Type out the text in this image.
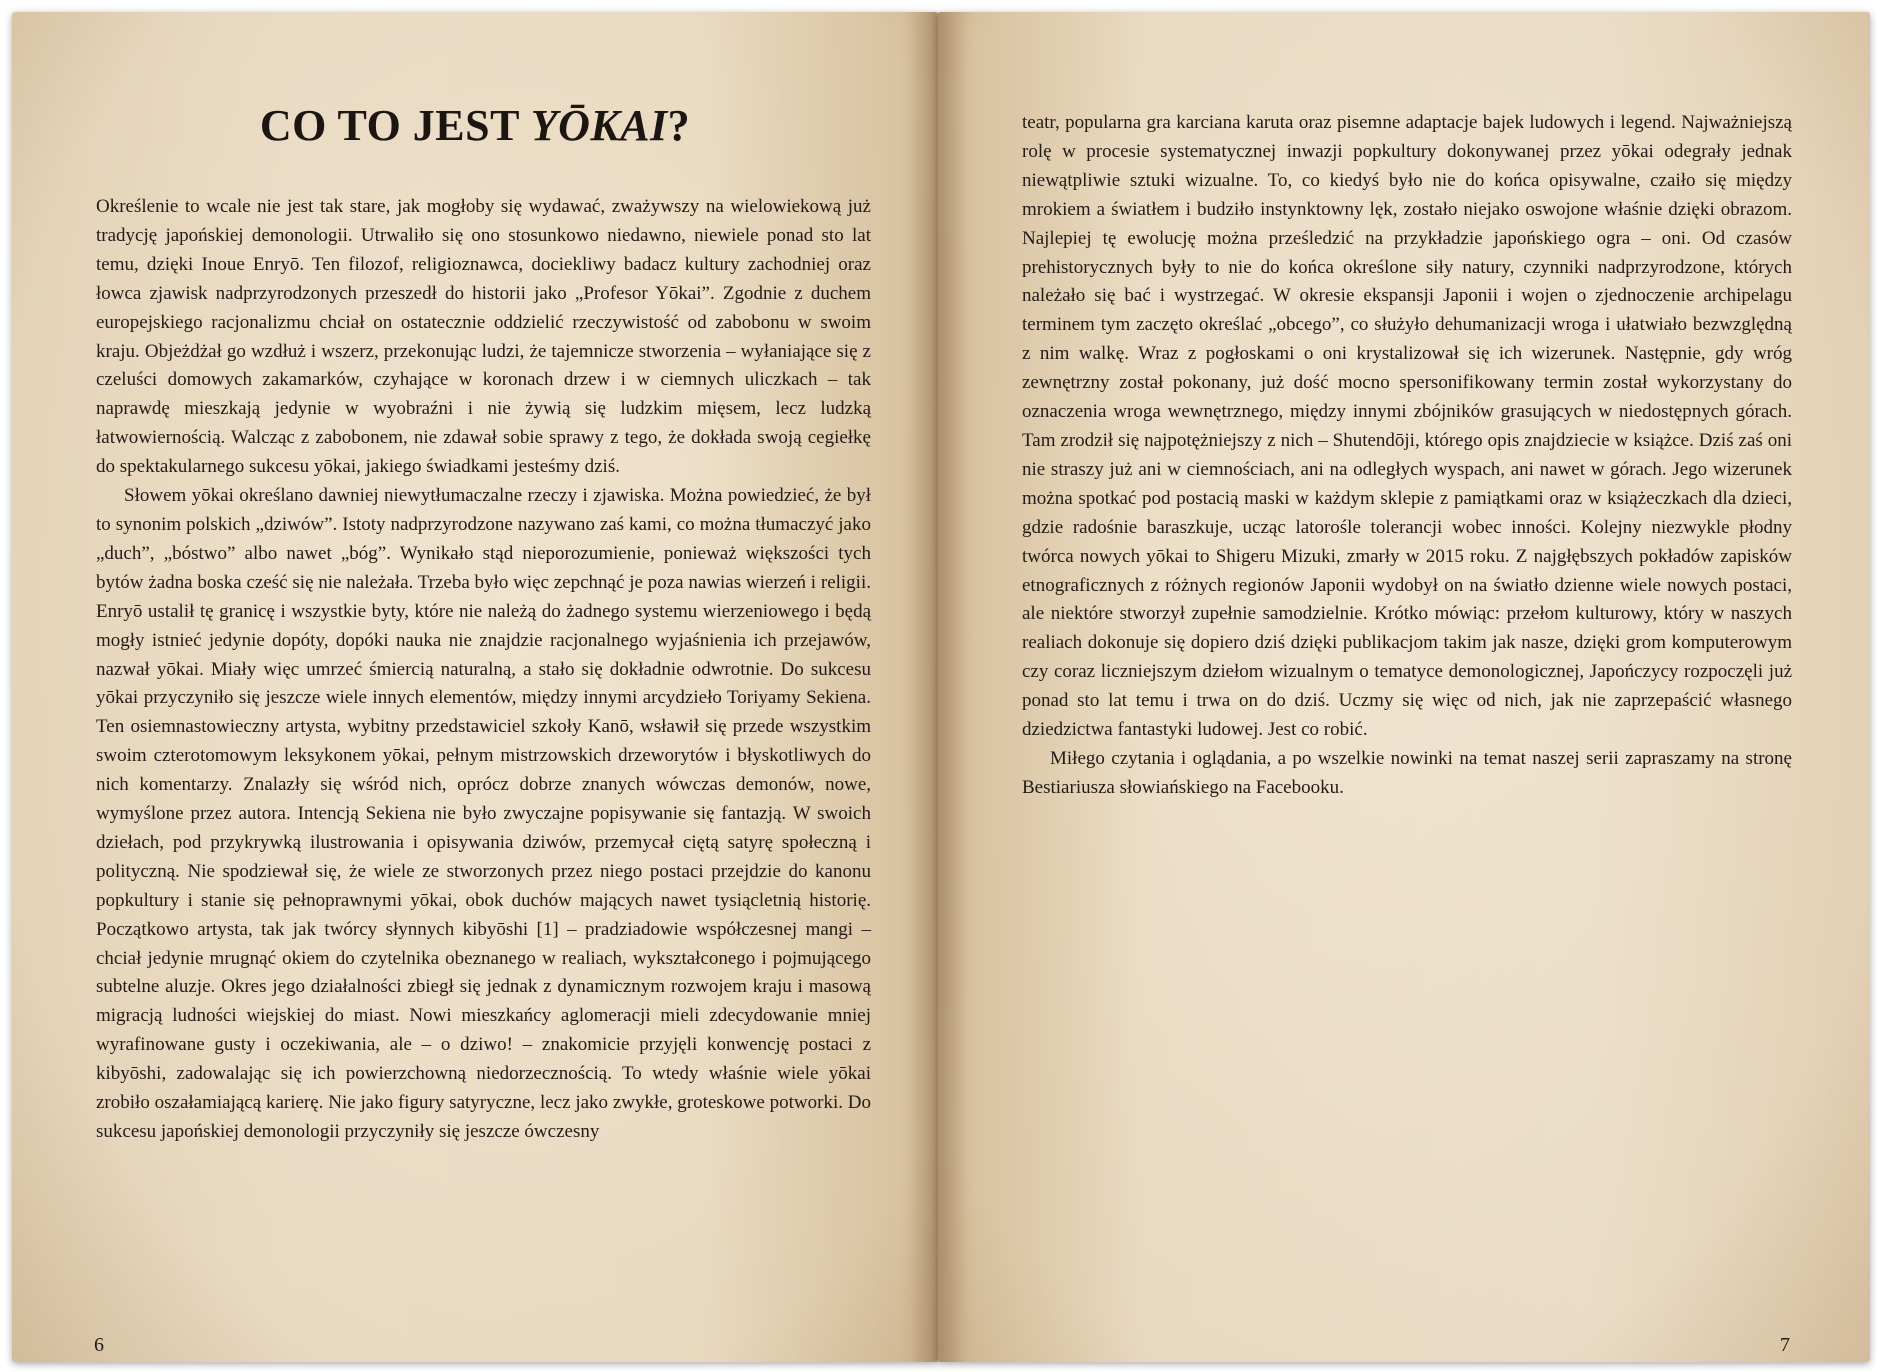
CO TO JEST YŌKAI?

Określenie to wcale nie jest tak stare, jak mogłoby się wydawać, zważywszy na wielowiekową już tradycję japońskiej demonologii. Utrwaliło się ono stosunkowo niedawno, niewiele ponad sto lat temu, dzięki Inoue Enryō. Ten filozof, religioznawca, dociekliwy badacz kultury zachodniej oraz łowca zjawisk nadprzyrodzonych przeszedł do historii jako „Profesor Yōkai”. Zgodnie z duchem europejskiego racjonalizmu chciał on ostatecznie oddzielić rzeczywistość od zabobonu w swoim kraju. Objeżdżał go wzdłuż i wszerz, przekonując ludzi, że tajemnicze stworzenia – wyłaniające się z czeluści domowych zakamarków, czyhające w koronach drzew i w ciemnych uliczkach – tak naprawdę mieszkają jedynie w wyobraźni i nie żywią się ludzkim mięsem, lecz ludzką łatwowiernością. Walcząc z zabobonem, nie zdawał sobie sprawy z tego, że dokłada swoją cegiełkę do spektakularnego sukcesu yōkai, jakiego świadkami jesteśmy dziś.

Słowem yōkai określano dawniej niewytłumaczalne rzeczy i zjawiska. Można powiedzieć, że był to synonim polskich „dziwów”. Istoty nadprzyrodzone nazywano zaś kami, co można tłumaczyć jako „duch”, „bóstwo” albo nawet „bóg”. Wynikało stąd nieporozumienie, ponieważ większości tych bytów żadna boska cześć się nie należała. Trzeba było więc zepchnąć je poza nawias wierzeń i religii. Enryō ustalił tę granicę i wszystkie byty, które nie należą do żadnego systemu wierzeniowego i będą mogły istnieć jedynie dopóty, dopóki nauka nie znajdzie racjonalnego wyjaśnienia ich przejawów, nazwał yōkai. Miały więc umrzeć śmiercią naturalną, a stało się dokładnie odwrotnie. Do sukcesu yōkai przyczyniło się jeszcze wiele innych elementów, między innymi arcydzieło Toriyamy Sekiena. Ten osiemnastowieczny artysta, wybitny przedstawiciel szkoły Kanō, wsławił się przede wszystkim swoim czterotomowym leksykonem yōkai, pełnym mistrzowskich drzeworytów i błyskotliwych do nich komentarzy. Znalazły się wśród nich, oprócz dobrze znanych wówczas demonów, nowe, wymyślone przez autora. Intencją Sekiena nie było zwyczajne popisywanie się fantazją. W swoich dziełach, pod przykrywką ilustrowania i opisywania dziwów, przemycał ciętą satyrę społeczną i polityczną. Nie spodziewał się, że wiele ze stworzonych przez niego postaci przejdzie do kanonu popkultury i stanie się pełnoprawnymi yōkai, obok duchów mających nawet tysiącletnią historię. Początkowo artysta, tak jak twórcy słynnych kibyōshi [1] – pradziadowie współczesnej mangi – chciał jedynie mrugnąć okiem do czytelnika obeznanego w realiach, wykształconego i pojmującego subtelne aluzje. Okres jego działalności zbiegł się jednak z dynamicznym rozwojem kraju i masową migracją ludności wiejskiej do miast. Nowi mieszkańcy aglomeracji mieli zdecydowanie mniej wyrafinowane gusty i oczekiwania, ale – o dziwo! – znakomicie przyjęli konwencję postaci z kibyōshi, zadowalając się ich powierzchowną niedorzecznością. To wtedy właśnie wiele yōkai zrobiło oszałamiającą karierę. Nie jako figury satyryczne, lecz jako zwykłe, groteskowe potworki. Do sukcesu japońskiej demonologii przyczyniły się jeszcze ówczesny

6

teatr, popularna gra karciana karuta oraz pisemne adaptacje bajek ludowych i legend. Najważniejszą rolę w procesie systematycznej inwazji popkultury dokonywanej przez yōkai odegrały jednak niewątpliwie sztuki wizualne. To, co kiedyś było nie do końca opisywalne, czaiło się między mrokiem a światłem i budziło instynktowny lęk, zostało niejako oswojone właśnie dzięki obrazom. Najlepiej tę ewolucję można prześledzić na przykładzie japońskiego ogra – oni. Od czasów prehistorycznych były to nie do końca określone siły natury, czynniki nadprzyrodzone, których należało się bać i wystrzegać. W okresie ekspansji Japonii i wojen o zjednoczenie archipelagu terminem tym zaczęto określać „obcego”, co służyło dehumanizacji wroga i ułatwiało bezwzględną z nim walkę. Wraz z pogłoskami o oni krystalizował się ich wizerunek. Następnie, gdy wróg zewnętrzny został pokonany, już dość mocno spersonifikowany termin został wykorzystany do oznaczenia wroga wewnętrznego, między innymi zbójników grasujących w niedostępnych górach. Tam zrodził się najpotężniejszy z nich – Shutendōji, którego opis znajdziecie w książce. Dziś zaś oni nie straszy już ani w ciemnościach, ani na odległych wyspach, ani nawet w górach. Jego wizerunek można spotkać pod postacią maski w każdym sklepie z pamiątkami oraz w książeczkach dla dzieci, gdzie radośnie baraszkuje, ucząc latorośle tolerancji wobec inności. Kolejny niezwykle płodny twórca nowych yōkai to Shigeru Mizuki, zmarły w 2015 roku. Z najgłębszych pokładów zapisków etnograficznych z różnych regionów Japonii wydobył on na światło dzienne wiele nowych postaci, ale niektóre stworzył zupełnie samodzielnie. Krótko mówiąc: przełom kulturowy, który w naszych realiach dokonuje się dopiero dziś dzięki publikacjom takim jak nasze, dzięki grom komputerowym czy coraz liczniejszym dziełom wizualnym o tematyce demonologicznej, Japończycy rozpoczęli już ponad sto lat temu i trwa on do dziś. Uczmy się więc od nich, jak nie zaprzepaścić własnego dziedzictwa fantastyki ludowej. Jest co robić.

Miłego czytania i oglądania, a po wszelkie nowinki na temat naszej serii zapraszamy na stronę Bestiariusza słowiańskiego na Facebooku.

7
